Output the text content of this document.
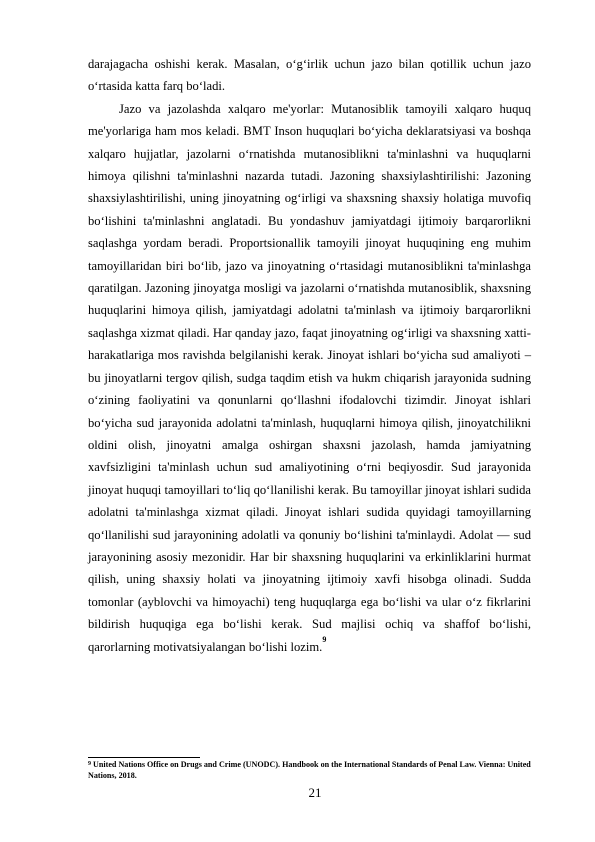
darajagacha oshishi kerak. Masalan, o‘g‘irlik uchun jazo bilan qotillik uchun jazo o‘rtasida katta farq bo‘ladi.

Jazo va jazolashda xalqaro me'yorlar: Mutanosiblik tamoyili xalqaro huquq me'yorlariga ham mos keladi. BMT Inson huquqlari bo‘yicha deklaratsiyasi va boshqa xalqaro hujjatlar, jazolarni o‘rnatishda mutanosiblikni ta'minlashni va huquqlarni himoya qilishni ta'minlashni nazarda tutadi. Jazoning shaxsiylashtirilishi: Jazoning shaxsiylashtirilishi, uning jinoyatning og‘irligi va shaxsning shaxsiy holatiga muvofiq bo‘lishini ta'minlashni anglatadi. Bu yondashuv jamiyatdagi ijtimoiy barqarorlikni saqlashga yordam beradi. Proportsionallik tamoyili jinoyat huquqining eng muhim tamoyillaridan biri bo‘lib, jazo va jinoyatning o‘rtasidagi mutanosiblikni ta'minlashga qaratilgan. Jazoning jinoyatga mosligi va jazolarni o‘rnatishda mutanosiblik, shaxsning huquqlarini himoya qilish, jamiyatdagi adolatni ta'minlash va ijtimoiy barqarorlikni saqlashga xizmat qiladi. Har qanday jazo, faqat jinoyatning og‘irligi va shaxsning xatti-harakatlariga mos ravishda belgilanishi kerak. Jinoyat ishlari bo‘yicha sud amaliyoti – bu jinoyatlarni tergov qilish, sudga taqdim etish va hukm chiqarish jarayonida sudning o‘zining faoliyatini va qonunlarni qo‘llashni ifodalovchi tizimdir. Jinoyat ishlari bo‘yicha sud jarayonida adolatni ta'minlash, huquqlarni himoya qilish, jinoyatchilikni oldini olish, jinoyatni amalga oshirgan shaxsni jazolash, hamda jamiyatning xavfsizligini ta'minlash uchun sud amaliyotining o‘rni beqiyosdir. Sud jarayonida jinoyat huquqi tamoyillari to‘liq qo‘llanilishi kerak. Bu tamoyillar jinoyat ishlari sudida adolatni ta'minlashga xizmat qiladi. Jinoyat ishlari sudida quyidagi tamoyillarning qo‘llanilishi sud jarayonining adolatli va qonuniy bo‘lishini ta'minlaydi. Adolat — sud jarayonining asosiy mezonidir. Har bir shaxsning huquqlarini va erkinliklarini hurmat qilish, uning shaxsiy holati va jinoyatning ijtimoiy xavfi hisobga olinadi. Sudda tomonlar (ayblovchi va himoyachi) teng huquqlarga ega bo‘lishi va ular o‘z fikrlarini bildirish huquqiga ega bo‘lishi kerak. Sud majlisi ochiq va shaffof bo‘lishi, qarorlarning motivatsiyalangan bo‘lishi lozim.$^9$

$^9$ United Nations Office on Drugs and Crime (UNODC). Handbook on the International Standards of Penal Law. Vienna: United Nations, 2018.
21
